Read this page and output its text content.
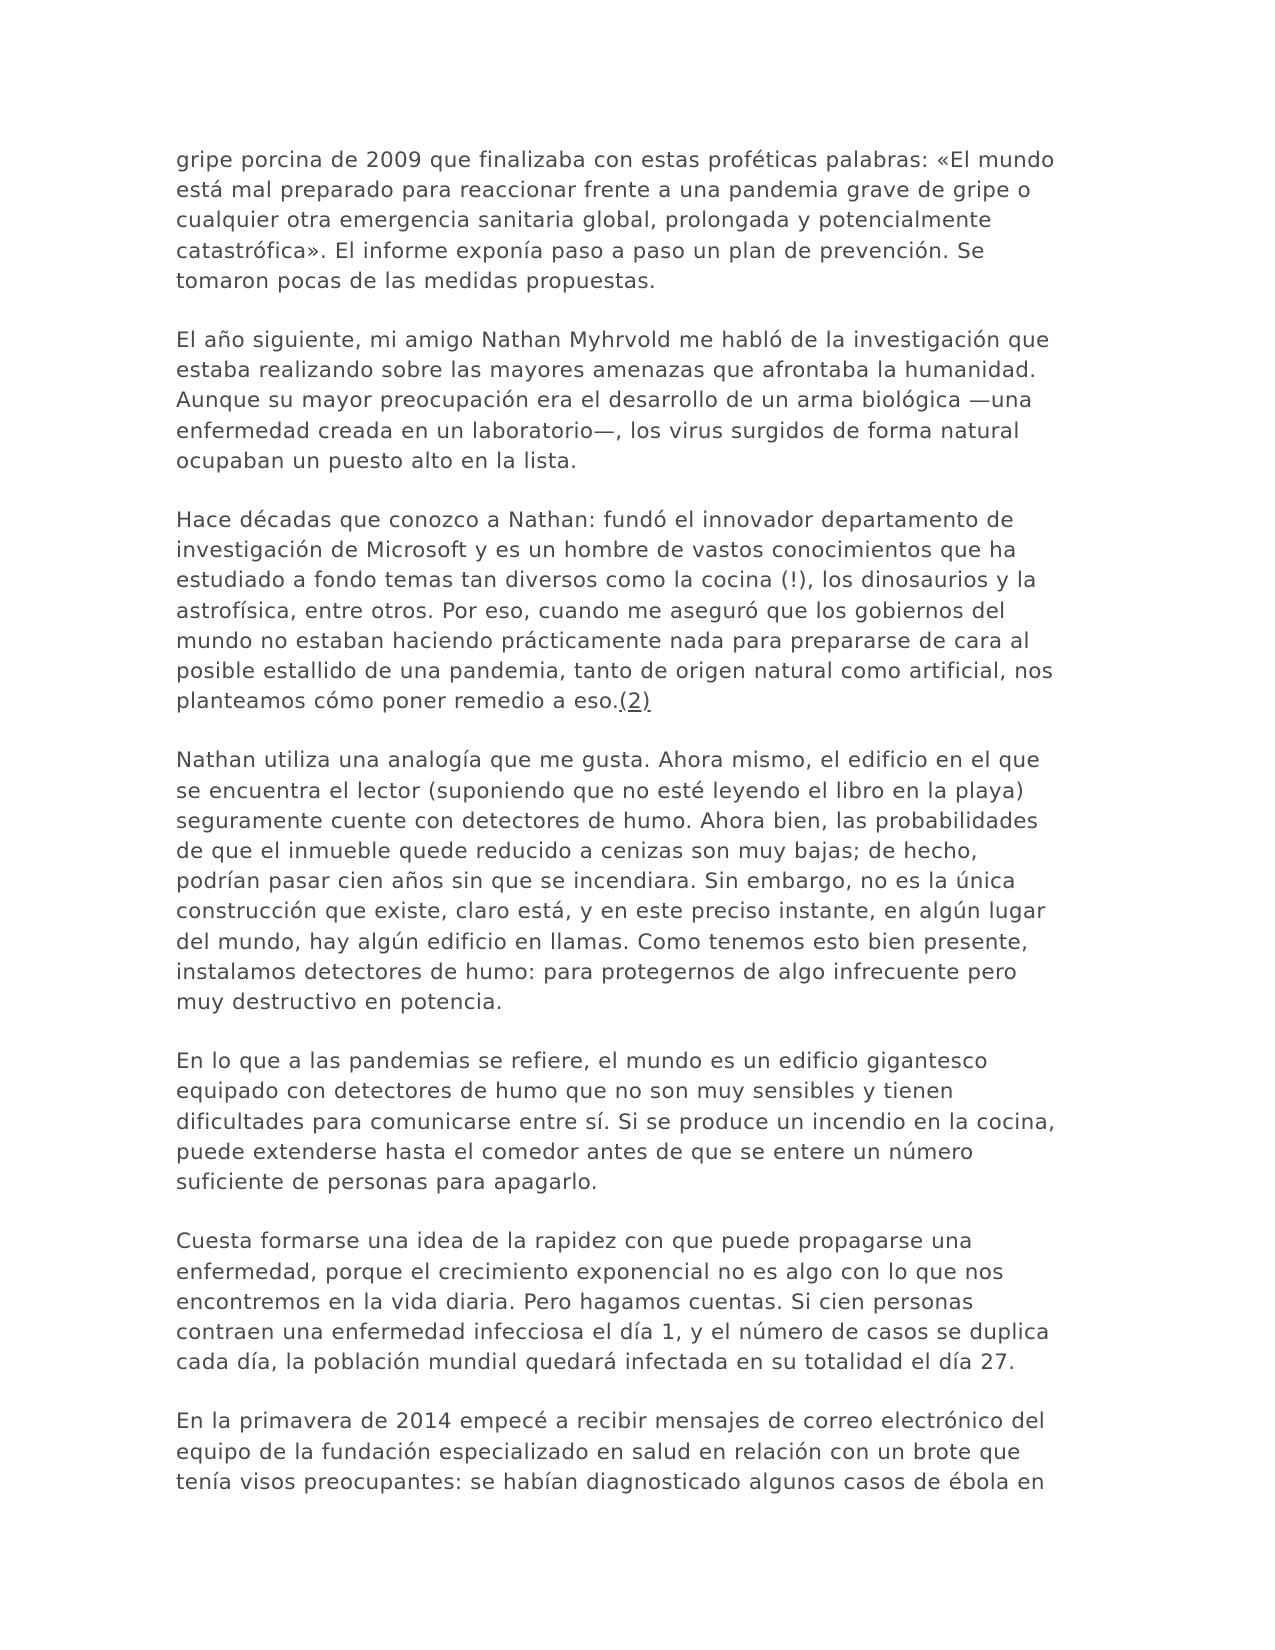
gripe porcina de 2009 que finalizaba con estas proféticas palabras: «El mundo
está mal preparado para reaccionar frente a una pandemia grave de gripe o
cualquier otra emergencia sanitaria global, prolongada y potencialmente
catastrófica». El informe exponía paso a paso un plan de prevención. Se
tomaron pocas de las medidas propuestas.

El año siguiente, mi amigo Nathan Myhrvold me habló de la investigación que
estaba realizando sobre las mayores amenazas que afrontaba la humanidad.
Aunque su mayor preocupación era el desarrollo de un arma biológica —una
enfermedad creada en un laboratorio—, los virus surgidos de forma natural
ocupaban un puesto alto en la lista.

Hace décadas que conozco a Nathan: fundó el innovador departamento de
investigación de Microsoft y es un hombre de vastos conocimientos que ha
estudiado a fondo temas tan diversos como la cocina (!), los dinosaurios y la
astrofísica, entre otros. Por eso, cuando me aseguró que los gobiernos del
mundo no estaban haciendo prácticamente nada para prepararse de cara al
posible estallido de una pandemia, tanto de origen natural como artificial, nos
planteamos cómo poner remedio a eso.(2)

Nathan utiliza una analogía que me gusta. Ahora mismo, el edificio en el que
se encuentra el lector (suponiendo que no esté leyendo el libro en la playa)
seguramente cuente con detectores de humo. Ahora bien, las probabilidades
de que el inmueble quede reducido a cenizas son muy bajas; de hecho,
podrían pasar cien años sin que se incendiara. Sin embargo, no es la única
construcción que existe, claro está, y en este preciso instante, en algún lugar
del mundo, hay algún edificio en llamas. Como tenemos esto bien presente,
instalamos detectores de humo: para protegernos de algo infrecuente pero
muy destructivo en potencia.

En lo que a las pandemias se refiere, el mundo es un edificio gigantesco
equipado con detectores de humo que no son muy sensibles y tienen
dificultades para comunicarse entre sí. Si se produce un incendio en la cocina,
puede extenderse hasta el comedor antes de que se entere un número
suficiente de personas para apagarlo.

Cuesta formarse una idea de la rapidez con que puede propagarse una
enfermedad, porque el crecimiento exponencial no es algo con lo que nos
encontremos en la vida diaria. Pero hagamos cuentas. Si cien personas
contraen una enfermedad infecciosa el día 1, y el número de casos se duplica
cada día, la población mundial quedará infectada en su totalidad el día 27.

En la primavera de 2014 empecé a recibir mensajes de correo electrónico del
equipo de la fundación especializado en salud en relación con un brote que
tenía visos preocupantes: se habían diagnosticado algunos casos de ébola en
